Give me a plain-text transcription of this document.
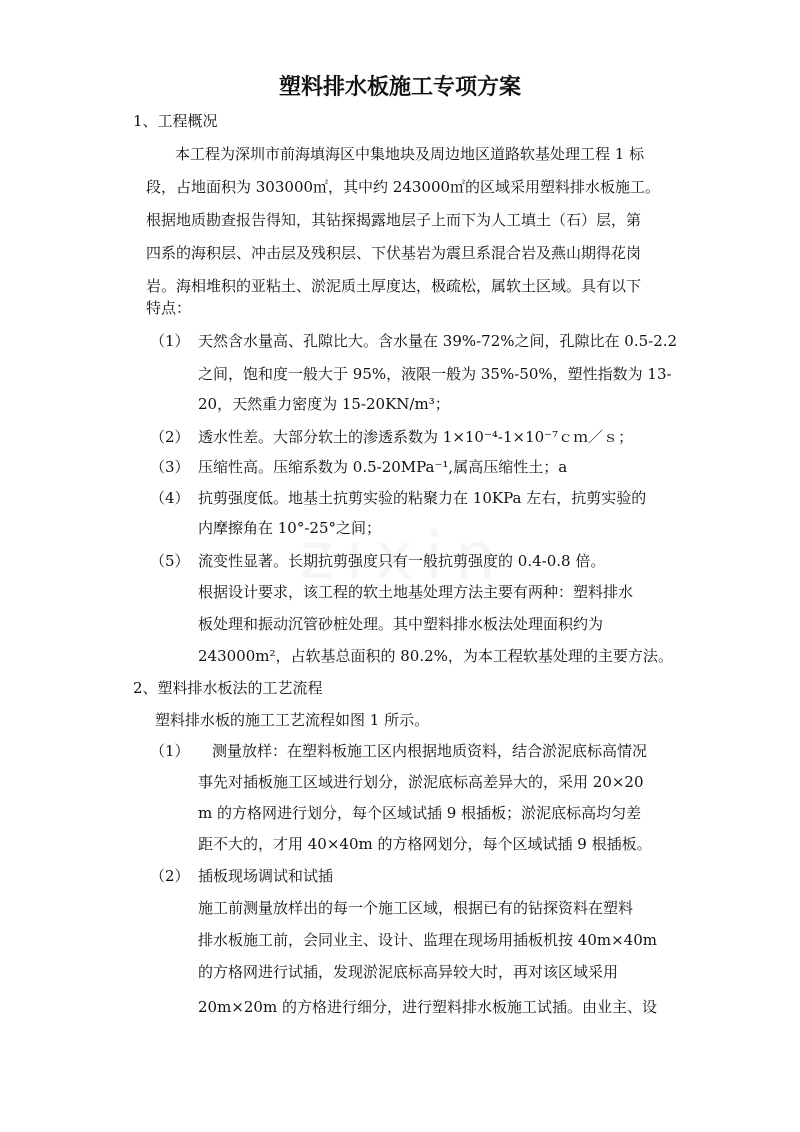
塑料排水板施工专项方案
1、工程概况
本工程为深圳市前海填海区中集地块及周边地区道路软基处理工程 1 标
段，占地面积为 303000㎡，其中约 243000㎡的区域采用塑料排水板施工。
根据地质勘查报告得知，其钻探揭露地层子上而下为人工填土（石）层，第
四系的海积层、冲击层及残积层、下伏基岩为震旦系混合岩及燕山期得花岗
岩。海相堆积的亚粘土、淤泥质土厚度达，极疏松，属软土区域。具有以下
特点：
（1） 天然含水量高、孔隙比大。含水量在 39%-72%之间，孔隙比在 0.5-2.2
之间，饱和度一般大于 95%，液限一般为 35%-50%，塑性指数为 13-
20，天然重力密度为 15-20KN/m³；
（2） 透水性差。大部分软土的渗透系数为 1×10⁻⁴-1×10⁻⁷ｃｍ／ｓ；
（3） 压缩性高。压缩系数为 0.5-20MPa⁻¹,属高压缩性土；a
（4） 抗剪强度低。地基土抗剪实验的粘聚力在 10KPa 左右，抗剪实验的
内摩擦角在 10°-25°之间；
（5） 流变性显著。长期抗剪强度只有一般抗剪强度的 0.4-0.8 倍。
根据设计要求，该工程的软土地基处理方法主要有两种：塑料排水
板处理和振动沉管砂桩处理。其中塑料排水板法处理面积约为
243000m²，占软基总面积的 80.2%，为本工程软基处理的主要方法。
2、塑料排水板法的工艺流程
塑料排水板的施工工艺流程如图 1 所示。
（1） 测量放样：在塑料板施工区内根据地质资料，结合淤泥底标高情况
事先对插板施工区域进行划分，淤泥底标高差异大的，采用 20×20
m 的方格网进行划分，每个区域试插 9 根插板；淤泥底标高均匀差
距不大的，才用 40×40m 的方格网划分，每个区域试插 9 根插板。
（2） 插板现场调试和试插
施工前测量放样出的每一个施工区域，根据已有的钻探资料在塑料
排水板施工前，会同业主、设计、监理在现场用插板机按 40m×40m
的方格网进行试插，发现淤泥底标高异较大时，再对该区域采用
20m×20m 的方格进行细分，进行塑料排水板施工试插。由业主、设
